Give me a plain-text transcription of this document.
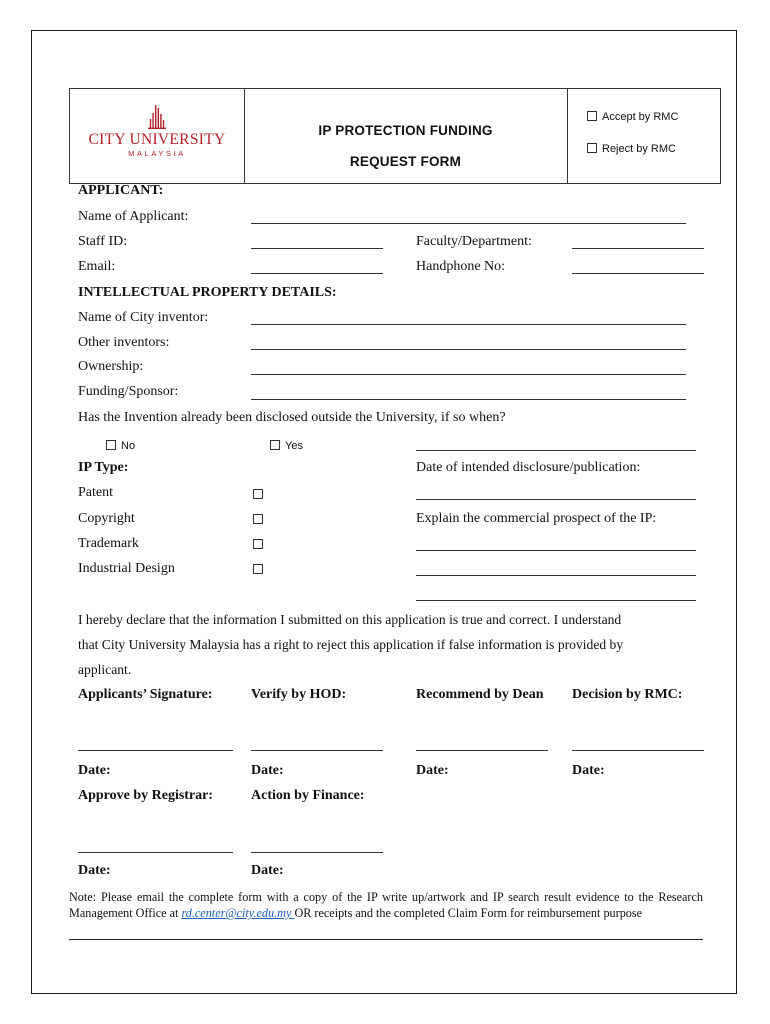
CITY UNIVERSITY
MALAYSIA
IP PROTECTION FUNDING
REQUEST FORM
Accept by RMC
Reject by RMC
APPLICANT:
Name of Applicant:
Staff ID:	Faculty/Department:
Email:	Handphone No:
INTELLECTUAL PROPERTY DETAILS:
Name of City inventor:
Other inventors:
Ownership:
Funding/Sponsor:
Has the Invention already been disclosed outside the University, if so when?
No	Yes
IP Type:	Date of intended disclosure/publication:
Patent
Copyright	Explain the commercial prospect of the IP:
Trademark
Industrial Design
I hereby declare that the information I submitted on this application is true and correct. I understand
that City University Malaysia has a right to reject this application if false information is provided by
applicant.
Applicants’ Signature:	Verify by HOD:	Recommend by Dean Decision by RMC:
Date:	Date:	Date:	Date:
Approve by Registrar:	Action by Finance:
Date:	Date:
Note: Please email the complete form with a copy of the IP write up/artwork and IP search result evidence to the Research Management Office at rd.center@city.edu.my OR receipts and the completed Claim Form for reimbursement purpose
